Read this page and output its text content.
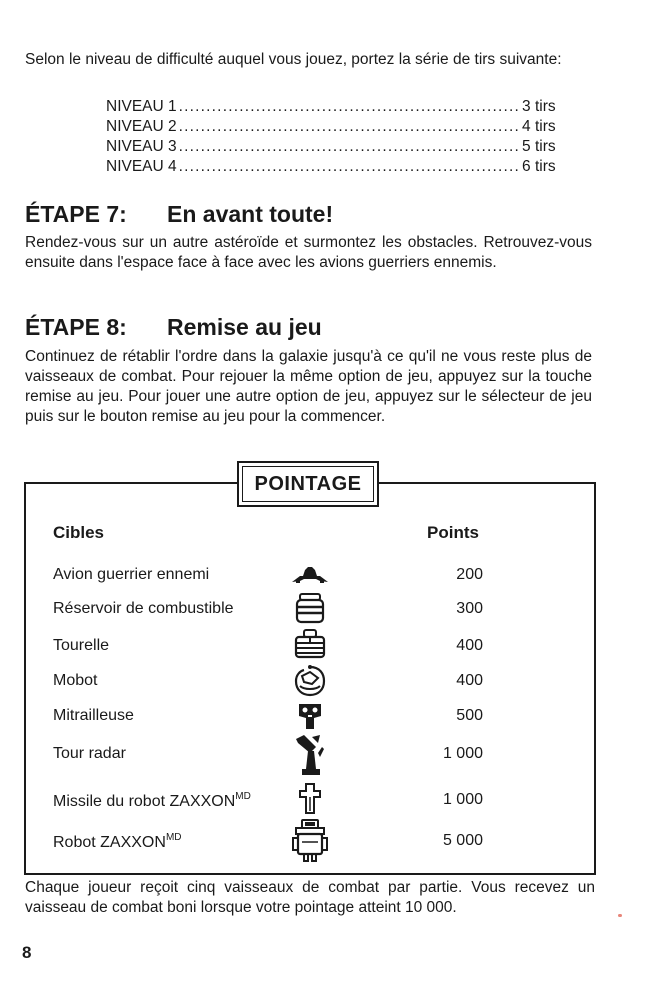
Selon le niveau de difficulté auquel vous jouez, portez la série de tirs suivante:

NIVEAU 1 .............................................................. 3 tirs
NIVEAU 2 .............................................................. 4 tirs
NIVEAU 3 .............................................................. 5 tirs
NIVEAU 4 .............................................................. 6 tirs
ÉTAPE 7: En avant toute!

Rendez-vous sur un autre astéroïde et surmontez les obstacles. Retrouvez-vous ensuite dans l'espace face à face avec les avions guerriers ennemis.

ÉTAPE 8: Remise au jeu

Continuez de rétablir l'ordre dans la galaxie jusqu'à ce qu'il ne vous reste plus de vaisseaux de combat. Pour rejouer la même option de jeu, appuyez sur la touche remise au jeu. Pour jouer une autre option de jeu, appuyez sur le sélecteur de jeu puis sur le bouton remise au jeu pour la commencer.

POINTAGE
Cibles	Points
Avion guerrier ennemi	200
Réservoir de combustible	300
Tourelle	400
Mobot	400
Mitrailleuse	500
Tour radar	1 000
Missile du robot $ZAXXON^{MD}$	1 000
Robot $ZAXXON^{MD}$	5 000

Chaque joueur reçoit cinq vaisseaux de combat par partie. Vous recevez un vaisseau de combat boni lorsque votre pointage atteint 10 000.

8
